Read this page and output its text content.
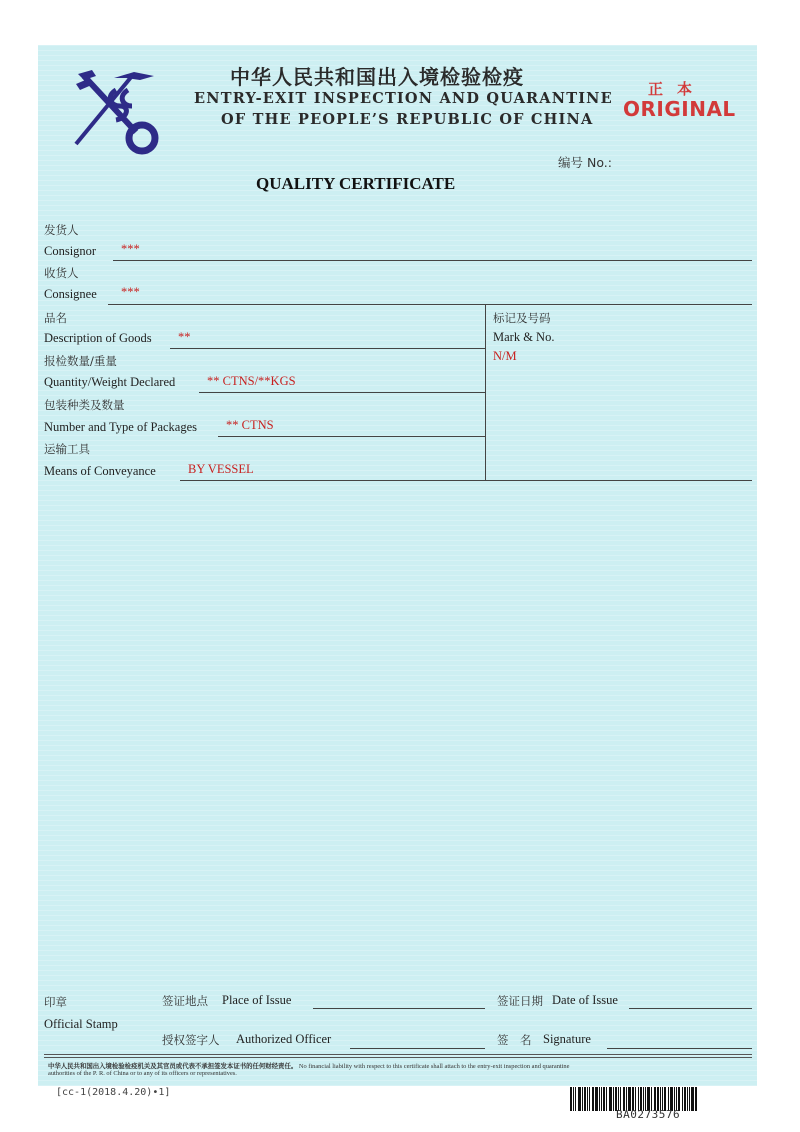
中华人民共和国出入境检验检疫
ENTRY-EXIT INSPECTION AND QUARANTINE
OF THE PEOPLE’S REPUBLIC OF CHINA
正本
ORIGINAL
编号 No.:
QUALITY CERTIFICATE
发货人
Consignor ***
收货人
Consignee ***
品名
Description of Goods **
报检数量/重量
Quantity/Weight Declared	** CTNS/**KGS
包装种类及数量
Number and Type of Packages ** CTNS
运输工具
Means of Conveyance	BY VESSEL
标记及号码
Mark & No.
N/M
印章
Official Stamp
签证地点 Place of Issue	签证日期 Date of Issue
授权签字人 Authorized Officer	签　名 Signature
中华人民共和国出入境检验检疫机关及其官员或代表不承担签发本证书的任何财经责任。 No financial liability with respect to this certificate shall attach to the entry-exit inspection and quarantine
authorities of the P. R. of China or to any of its officers or representatives.
[cc-1(2018.4.20)•1]
BA0273576
